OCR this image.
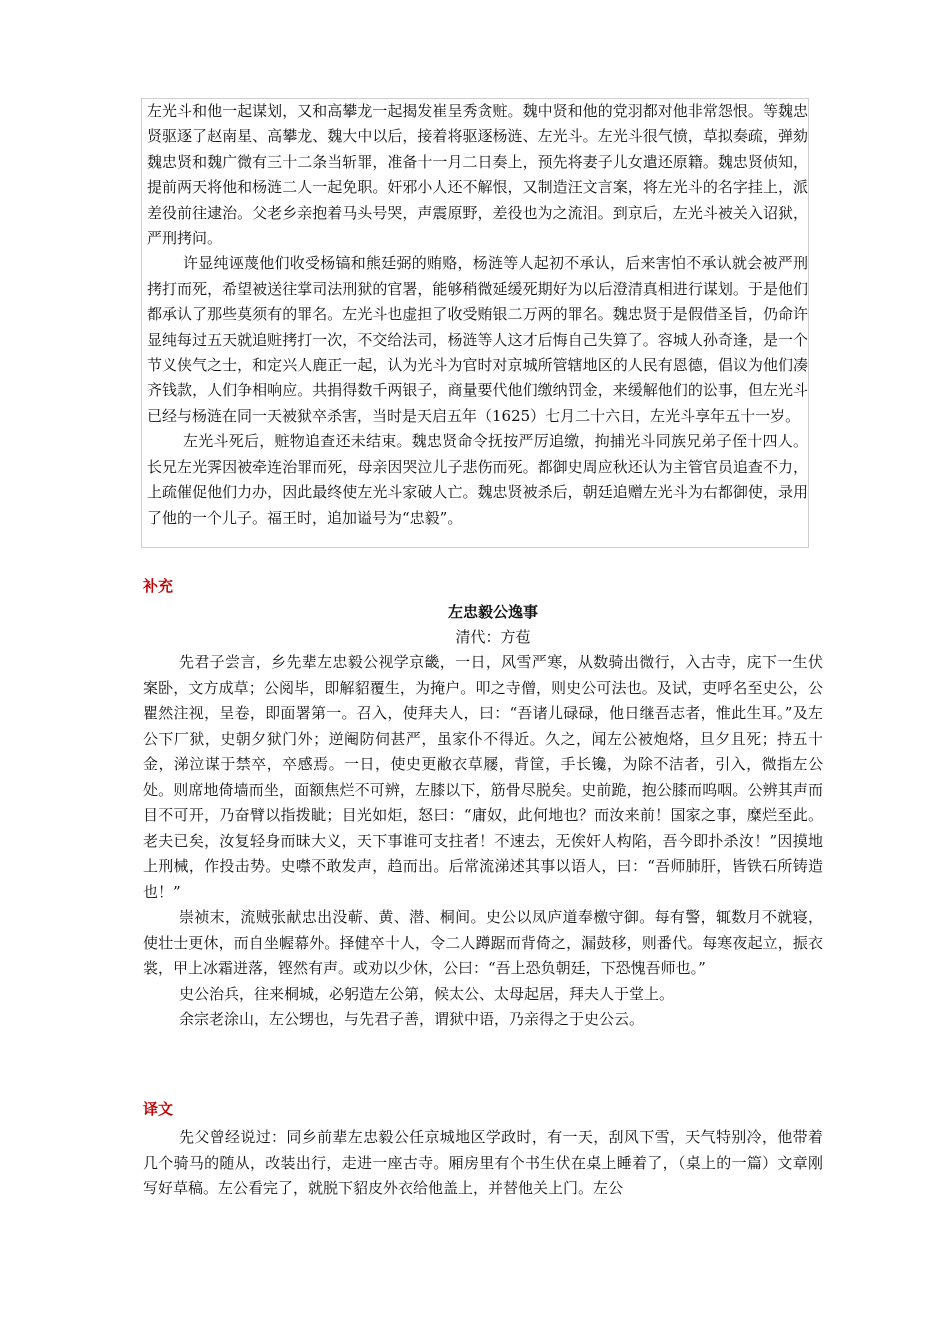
左光斗和他一起谋划，又和高攀龙一起揭发崔呈秀贪赃。魏中贤和他的党羽都对他非常怨恨。等魏忠贤驱逐了赵南星、高攀龙、魏大中以后，接着将驱逐杨涟、左光斗。左光斗很气愤，草拟奏疏，弹劾魏忠贤和魏广微有三十二条当斩罪，准备十一月二日奏上，预先将妻子儿女遣还原籍。魏忠贤侦知，提前两天将他和杨涟二人一起免职。奸邪小人还不解恨，又制造汪文言案，将左光斗的名字挂上，派差役前往逮治。父老乡亲抱着马头号哭，声震原野，差役也为之流泪。到京后，左光斗被关入诏狱，严刑拷问。

许显纯诬蔑他们收受杨镐和熊廷弼的贿赂，杨涟等人起初不承认，后来害怕不承认就会被严刑拷打而死，希望被送往掌司法刑狱的官署，能够稍微延缓死期好为以后澄清真相进行谋划。于是他们都承认了那些莫须有的罪名。左光斗也虚担了收受贿银二万两的罪名。魏忠贤于是假借圣旨，仍命许显纯每过五天就追赃拷打一次，不交给法司，杨涟等人这才后悔自己失算了。容城人孙奇逢，是一个节义侠气之士，和定兴人鹿正一起，认为光斗为官时对京城所管辖地区的人民有恩德，倡议为他们凑齐钱款，人们争相响应。共捐得数千两银子，商量要代他们缴纳罚金，来缓解他们的讼事，但左光斗已经与杨涟在同一天被狱卒杀害，当时是天启五年（1625）七月二十六日，左光斗享年五十一岁。

左光斗死后，赃物追查还未结束。魏忠贤命令抚按严厉追缴，拘捕光斗同族兄弟子侄十四人。长兄左光霁因被牵连治罪而死，母亲因哭泣儿子悲伤而死。都御史周应秋还认为主管官员追查不力，上疏催促他们力办，因此最终使左光斗家破人亡。魏忠贤被杀后，朝廷追赠左光斗为右都御使，录用了他的一个儿子。福王时，追加谥号为“忠毅”。

补充

左忠毅公逸事

清代：方苞

先君子尝言，乡先辈左忠毅公视学京畿，一日，风雪严寒，从数骑出微行，入古寺，庑下一生伏案卧，文方成草；公阅毕，即解貂覆生，为掩户。叩之寺僧，则史公可法也。及试，吏呼名至史公，公瞿然注视，呈卷，即面署第一。召入，使拜夫人，曰：“吾诸儿碌碌，他日继吾志者，惟此生耳。”及左公下厂狱，史朝夕狱门外；逆阉防伺甚严，虽家仆不得近。久之，闻左公被炮烙，旦夕且死；持五十金，涕泣谋于禁卒，卒感焉。一日，使史更敝衣草屦，背筐，手长镵，为除不洁者，引入，微指左公处。则席地倚墙而坐，面额焦烂不可辨，左膝以下，筋骨尽脱矣。史前跪，抱公膝而呜咽。公辨其声而目不可开，乃奋臂以指拨眦；目光如炬，怒曰：“庸奴，此何地也？而汝来前！国家之事，糜烂至此。老夫已矣，汝复轻身而昧大义，天下事谁可支拄者！不速去，无俟奸人构陷，吾今即扑杀汝！”因摸地上刑械，作投击势。史噤不敢发声，趋而出。后常流涕述其事以语人，曰：“吾师肺肝，皆铁石所铸造也！”

崇祯末，流贼张献忠出没蕲、黄、潜、桐间。史公以凤庐道奉檄守御。每有警，辄数月不就寝，使壮士更休，而自坐幄幕外。择健卒十人，令二人蹲踞而背倚之，漏鼓移，则番代。每寒夜起立，振衣裳，甲上冰霜迸落，铿然有声。或劝以少休，公曰：“吾上恐负朝廷，下恐愧吾师也。”

史公治兵，往来桐城，必躬造左公第，候太公、太母起居，拜夫人于堂上。

余宗老涂山，左公甥也，与先君子善，谓狱中语，乃亲得之于史公云。

译文

先父曾经说过：同乡前辈左忠毅公任京城地区学政时，有一天，刮风下雪，天气特别冷，他带着几个骑马的随从，改装出行，走进一座古寺。厢房里有个书生伏在桌上睡着了，（桌上的一篇）文章刚写好草稿。左公看完了，就脱下貂皮外衣给他盖上，并替他关上门。左公
